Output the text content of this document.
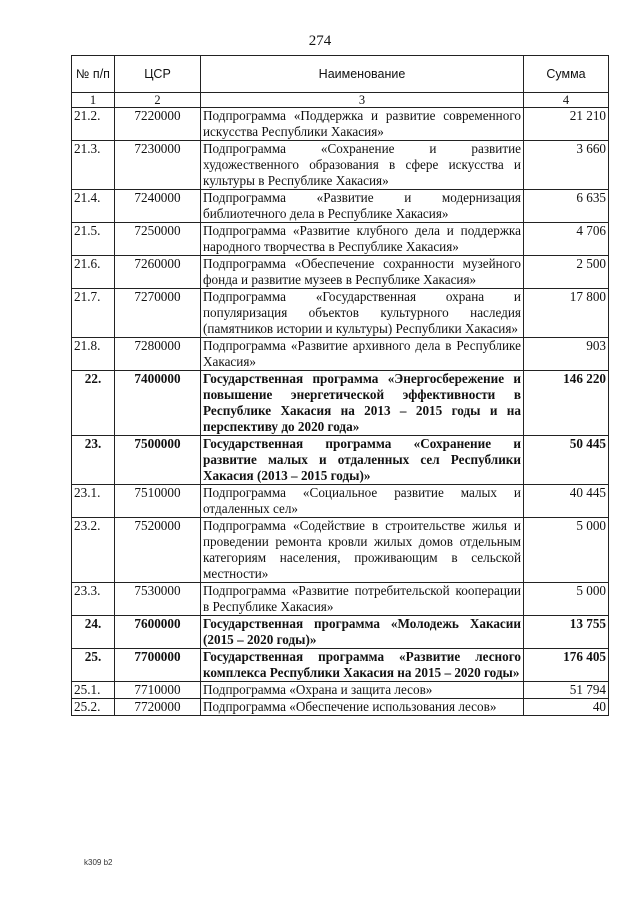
274
№ п/п	ЦСР	Наименование	Сумма
1	2	3	4
21.2.	7220000	Подпрограмма «Поддержка и развитие современного искусства Республики Хакасия»	21 210
21.3.	7230000	Подпрограмма «Сохранение и развитие художественного образования в сфере искусства и культуры в Республике Хакасия»	3 660
21.4.	7240000	Подпрограмма «Развитие и модернизация библиотечного дела в Республике Хакасия»	6 635
21.5.	7250000	Подпрограмма «Развитие клубного дела и поддержка народного творчества в Республике Хакасия»	4 706
21.6.	7260000	Подпрограмма «Обеспечение сохранности музейного фонда и развитие музеев в Республике Хакасия»	2 500
21.7.	7270000	Подпрограмма «Государственная охрана и популяризация объектов культурного наследия (памятников истории и культуры) Республики Хакасия»	17 800
21.8.	7280000	Подпрограмма «Развитие архивного дела в Республике Хакасия»	903
22.	7400000	Государственная программа «Энергосбережение и повышение энергетической эффективности в Республике Хакасия на 2013 – 2015 годы и на перспективу до 2020 года»	146 220
23.	7500000	Государственная программа «Сохранение и развитие малых и отдаленных сел Республики Хакасия (2013 – 2015 годы)»	50 445
23.1.	7510000	Подпрограмма «Социальное развитие малых и отдаленных сел»	40 445
23.2.	7520000	Подпрограмма «Содействие в строительстве жилья и проведении ремонта кровли жилых домов отдельным категориям населения, проживающим в сельской местности»	5 000
23.3.	7530000	Подпрограмма «Развитие потребительской кооперации в Республике Хакасия»	5 000
24.	7600000	Государственная программа «Молодежь Хакасии (2015 – 2020 годы)»	13 755
25.	7700000	Государственная программа «Развитие лесного комплекса Республики Хакасия на 2015 – 2020 годы»	176 405
25.1.	7710000	Подпрограмма «Охрана и защита лесов»	51 794
25.2.	7720000	Подпрограмма «Обеспечение использования лесов»	40
k309 b2
